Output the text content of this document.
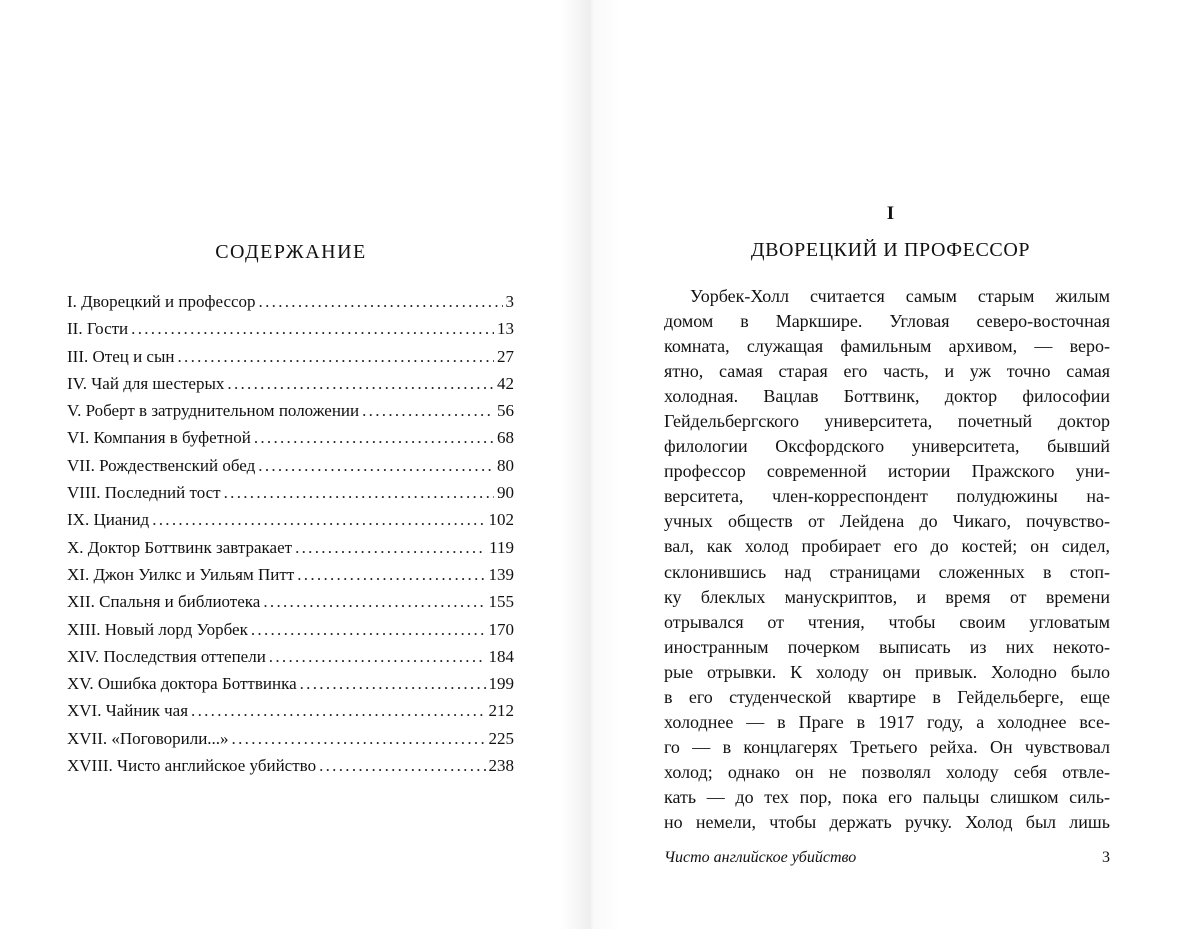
СОДЕРЖАНИЕ
I. Дворецкий и профессор .....	3
II. Гости .....	13
III. Отец и сын .....	27
IV. Чай для шестерых .....	42
V. Роберт в затруднительном положении .....	56
VI. Компания в буфетной .....	68
VII. Рождественский обед .....	80
VIII. Последний тост .....	90
IX. Цианид .....	102
X. Доктор Боттвинк завтракает .....	119
XI. Джон Уилкс и Уильям Питт .....	139
XII. Спальня и библиотека .....	155
XIII. Новый лорд Уорбек .....	170
XIV. Последствия оттепели .....	184
XV. Ошибка доктора Боттвинка .....	199
XVI. Чайник чая .....	212
XVII. «Поговорили...» .....	225
XVIII. Чисто английское убийство .....	238
I
ДВОРЕЦКИЙ И ПРОФЕССОР
Уорбек-Холл считается самым старым жилым
домом в Маркшире. Угловая северо-восточная
комната, служащая фамильным архивом, — веро-
ятно, самая старая его часть, и уж точно самая
холодная. Вацлав Боттвинк, доктор философии
Гейдельбергского университета, почетный доктор
филологии Оксфордского университета, бывший
профессор современной истории Пражского уни-
верситета, член-корреспондент полудюжины на-
учных обществ от Лейдена до Чикаго, почувство-
вал, как холод пробирает его до костей; он сидел,
склонившись над страницами сложенных в стоп-
ку блеклых манускриптов, и время от времени
отрывался от чтения, чтобы своим угловатым
иностранным почерком выписать из них некото-
рые отрывки. К холоду он привык. Холодно было
в его студенческой квартире в Гейдельберге, еще
холоднее — в Праге в 1917 году, а холоднее все-
го — в концлагерях Третьего рейха. Он чувствовал
холод; однако он не позволял холоду себя отвле-
кать — до тех пор, пока его пальцы слишком силь-
но немели, чтобы держать ручку. Холод был лишь
Чисто английское убийство	3
